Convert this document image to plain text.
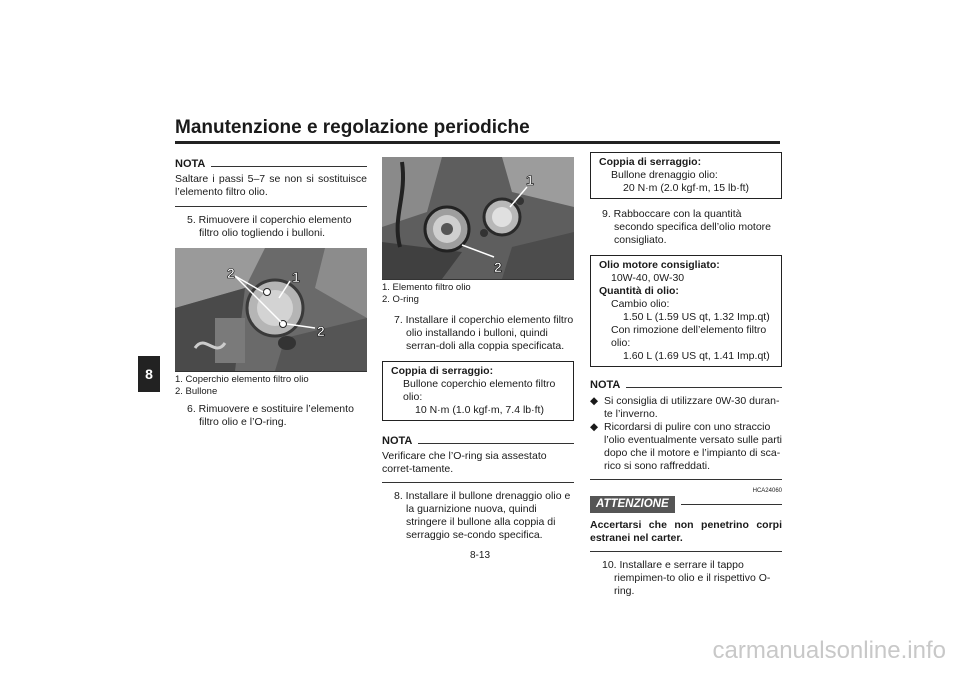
Manutenzione e regolazione periodiche
8
NOTA
Saltare i passi 5–7 se non si sostituisce l’elemento filtro olio.
5. Rimuovere il coperchio elemento filtro olio togliendo i bulloni.
2	1
2
1. Coperchio elemento filtro olio
2. Bullone
6. Rimuovere e sostituire l’elemento filtro olio e l’O-ring.
1
2
1. Elemento filtro olio
2. O-ring
7. Installare il coperchio elemento filtro olio installando i bulloni, quindi serran-doli alla coppia specificata.
Coppia di serraggio:
Bullone coperchio elemento filtro olio:
10 N·m (1.0 kgf·m, 7.4 lb·ft)
NOTA
Verificare che l’O-ring sia assestato corret-tamente.
8. Installare il bullone drenaggio olio e la guarnizione nuova, quindi stringere il bullone alla coppia di serraggio se-condo specifica.
Coppia di serraggio:
Bullone drenaggio olio:
20 N·m (2.0 kgf·m, 15 lb·ft)
9. Rabboccare con la quantità secondo specifica dell’olio motore consigliato.
Olio motore consigliato:
10W-40, 0W-30
Quantità di olio:
Cambio olio:
1.50 L (1.59 US qt, 1.32 Imp.qt)
Con rimozione dell’elemento filtro olio:
1.60 L (1.69 US qt, 1.41 Imp.qt)
NOTA
◆ Si consiglia di utilizzare 0W-30 duran-te l’inverno.
◆ Ricordarsi di pulire con uno straccio l’olio eventualmente versato sulle parti dopo che il motore e l’impianto di sca-rico si sono raffreddati.
HCA24060
ATTENZIONE
Accertarsi che non penetrino corpi estranei nel carter.
10. Installare e serrare il tappo riempimen-to olio e il rispettivo O-ring.
8-13
carmanualsonline.info
